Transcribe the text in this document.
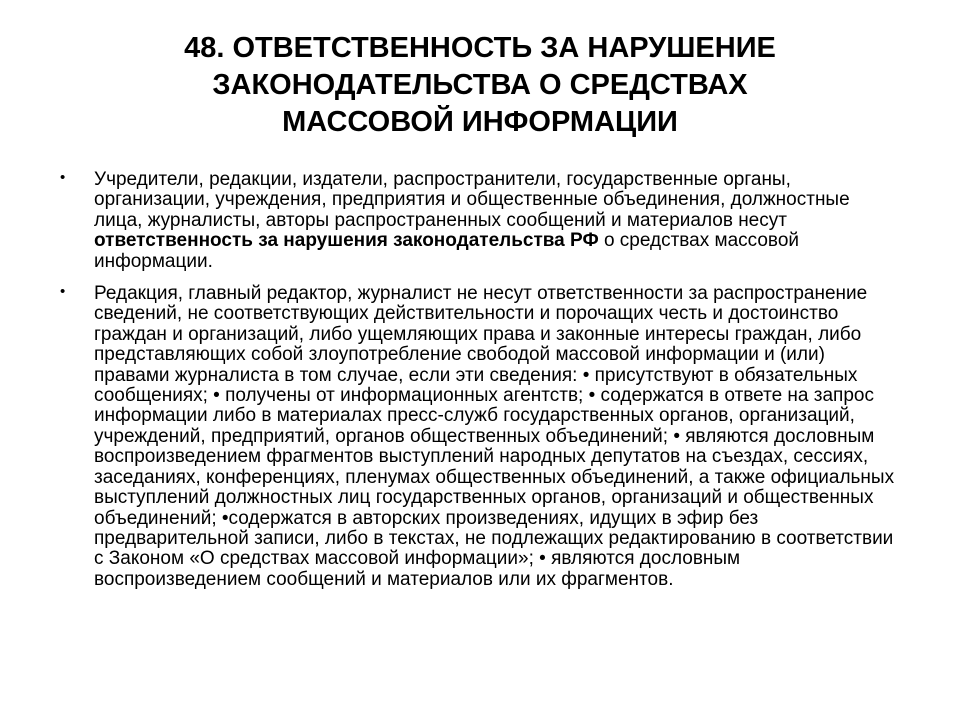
48. ОТВЕТСТВЕННОСТЬ ЗА НАРУШЕНИЕ
ЗАКОНОДАТЕЛЬСТВА О СРЕДСТВАХ
МАССОВОЙ ИНФОРМАЦИИ
• Учредители, редакции, издатели, распространители, государственные органы, организации, учреждения, предприятия и общественные объединения, должностные лица, журналисты, авторы распространенных сообщений и материалов несут ответственность за нарушения законодательства РФ о средствах массовой информации.
• Редакция, главный редактор, журналист не несут ответственности за распространение сведений, не соответствующих действительности и порочащих честь и достоинство граждан и организаций, либо ущемляющих права и законные интересы граждан, либо представляющих собой злоупотребление свободой массовой информации и (или) правами журналиста в том случае, если эти сведения: • присутствуют в обязательных сообщениях; • получены от информационных агентств; • содержатся в ответе на запрос информации либо в материалах пресс-служб государственных органов, организаций, учреждений, предприятий, органов общественных объединений; • являются дословным воспроизведением фрагментов выступлений народных депутатов на съездах, сессиях, заседаниях, конференциях, пленумах общественных объединений, а также официальных выступлений должностных лиц государственных органов, организаций и общественных объединений; •содержатся в авторских произведениях, идущих в эфир без предварительной записи, либо в текстах, не подлежащих редактированию в соответствии с Законом «О средствах массовой информации»; • являются дословным воспроизведением сообщений и материалов или их фрагментов.
